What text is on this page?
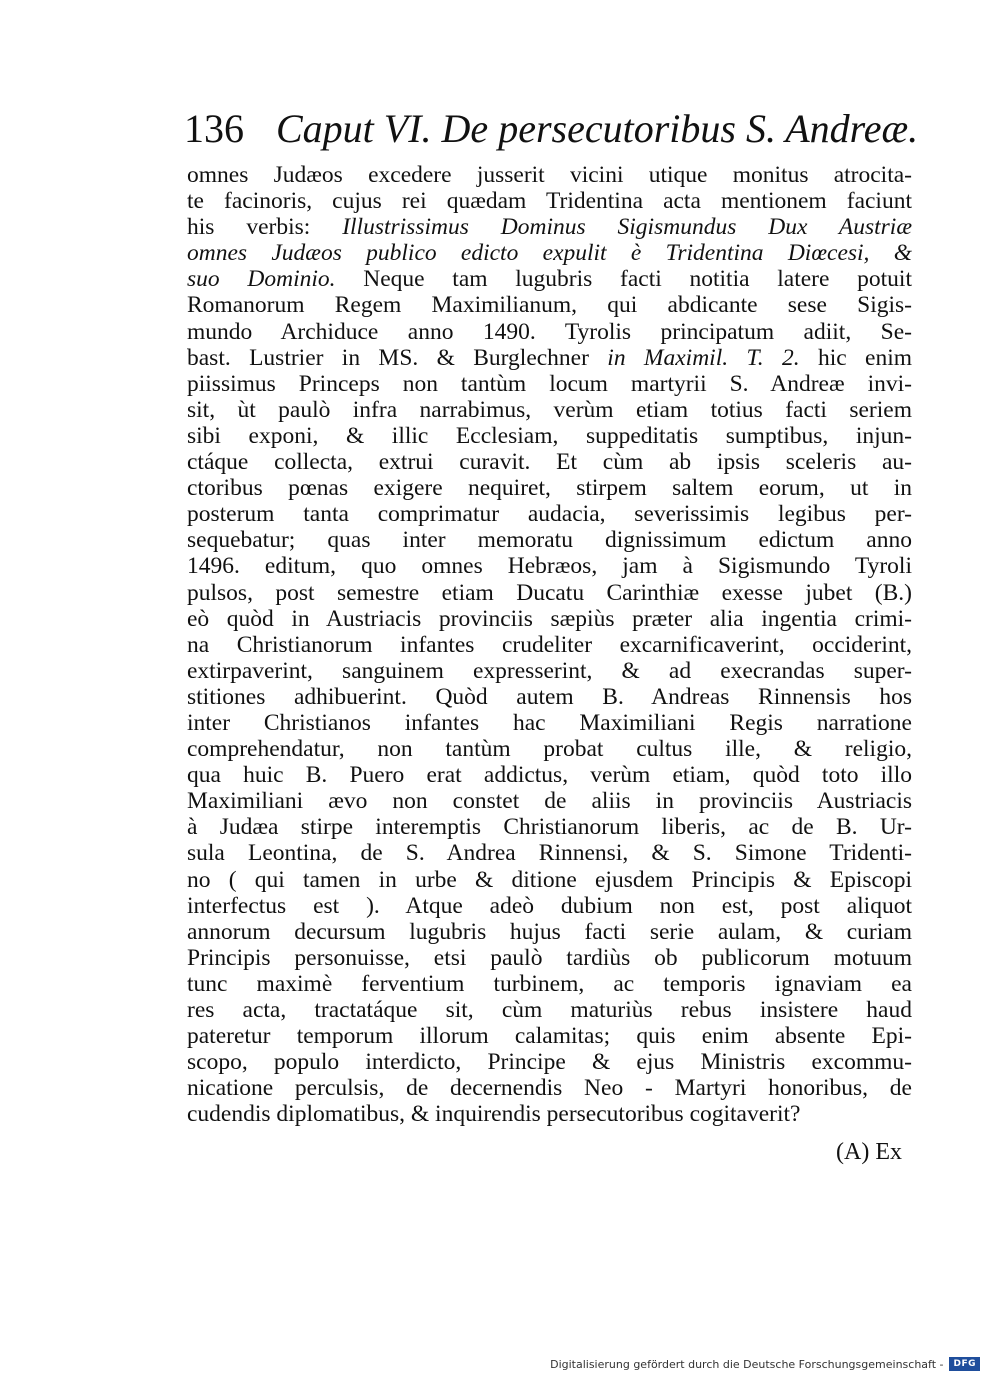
136 Caput VI. De persecutoribus S. Andreæ.
omnes Judæos excedere jusserit vicini utique monitus atrocita-
te facinoris, cujus rei quædam Tridentina acta mentionem faciunt
his verbis: Illustrissimus Dominus Sigismundus Dux Austriæ
omnes Judæos publico edicto expulit è Tridentina Diœcesi, &
suo Dominio. Neque tam lugubris facti notitia latere potuit
Romanorum Regem Maximilianum, qui abdicante sese Sigis-
mundo Archiduce anno 1490. Tyrolis principatum adiit, Se-
bast. Lustrier in MS. & Burglechner in Maximil. T. 2. hic enim
piissimus Princeps non tantùm locum martyrii S. Andreæ invi-
sit, ùt paulò infra narrabimus, verùm etiam totius facti seriem
sibi exponi, & illic Ecclesiam, suppeditatis sumptibus, injun-
ctáque collecta, extrui curavit. Et cùm ab ipsis sceleris au-
ctoribus pœnas exigere nequiret, stirpem saltem eorum, ut in
posterum tanta comprimatur audacia, severissimis legibus per-
sequebatur; quas inter memoratu dignissimum edictum anno
1496. editum, quo omnes Hebræos, jam à Sigismundo Tyroli
pulsos, post semestre etiam Ducatu Carinthiæ exesse jubet (B.)
eò quòd in Austriacis provinciis sæpiùs præter alia ingentia crimi-
na Christianorum infantes crudeliter excarnificaverint, occiderint,
extirpaverint, sanguinem expresserint, & ad execrandas super-
stitiones adhibuerint. Quòd autem B. Andreas Rinnensis hos
inter Christianos infantes hac Maximiliani Regis narratione
comprehendatur, non tantùm probat cultus ille, & religio,
qua huic B. Puero erat addictus, verùm etiam, quòd toto illo
Maximiliani ævo non constet de aliis in provinciis Austriacis
à Judæa stirpe interemptis Christianorum liberis, ac de B. Ur-
sula Leontina, de S. Andrea Rinnensi, & S. Simone Tridenti-
no ( qui tamen in urbe & ditione ejusdem Principis & Episcopi
interfectus est ). Atque adeò dubium non est, post aliquot
annorum decursum lugubris hujus facti serie aulam, & curiam
Principis personuisse, etsi paulò tardiùs ob publicorum motuum
tunc maximè ferventium turbinem, ac temporis ignaviam ea
res acta, tractatáque sit, cùm maturiùs rebus insistere haud
pateretur temporum illorum calamitas; quis enim absente Epi-
scopo, populo interdicto, Principe & ejus Ministris excommu-
nicatione perculsis, de decernendis Neo - Martyri honoribus, de
cudendis diplomatibus, & inquirendis persecutoribus cogitaverit?
(A) Ex
Digitalisierung gefördert durch die Deutsche Forschungsgemeinschaft -	DFG
